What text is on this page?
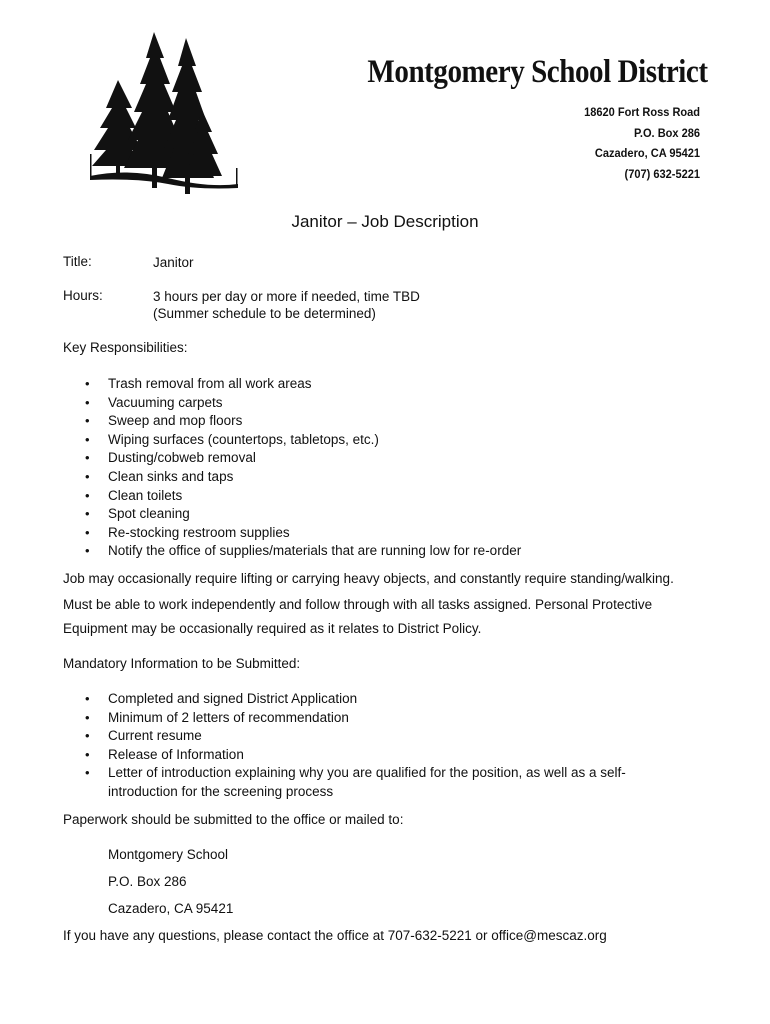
Montgomery School District
18620 Fort Ross Road
P.O. Box 286
Cazadero, CA 95421
(707) 632-5221
Janitor – Job Description
Title:	Janitor
Hours:	3 hours per day or more if needed, time TBD
(Summer schedule to be determined)
Key Responsibilities:
• Trash removal from all work areas
• Vacuuming carpets
• Sweep and mop floors
• Wiping surfaces (countertops, tabletops, etc.)
• Dusting/cobweb removal
• Clean sinks and taps
• Clean toilets
• Spot cleaning
• Re-stocking restroom supplies
• Notify the office of supplies/materials that are running low for re-order
Job may occasionally require lifting or carrying heavy objects, and constantly require standing/walking.
Must be able to work independently and follow through with all tasks assigned. Personal Protective
Equipment may be occasionally required as it relates to District Policy.
Mandatory Information to be Submitted:
• Completed and signed District Application
• Minimum of 2 letters of recommendation
• Current resume
• Release of Information
• Letter of introduction explaining why you are qualified for the position, as well as a self-
introduction for the screening process
Paperwork should be submitted to the office or mailed to:
Montgomery School
P.O. Box 286
Cazadero, CA 95421
If you have any questions, please contact the office at 707-632-5221 or office@mescaz.org
